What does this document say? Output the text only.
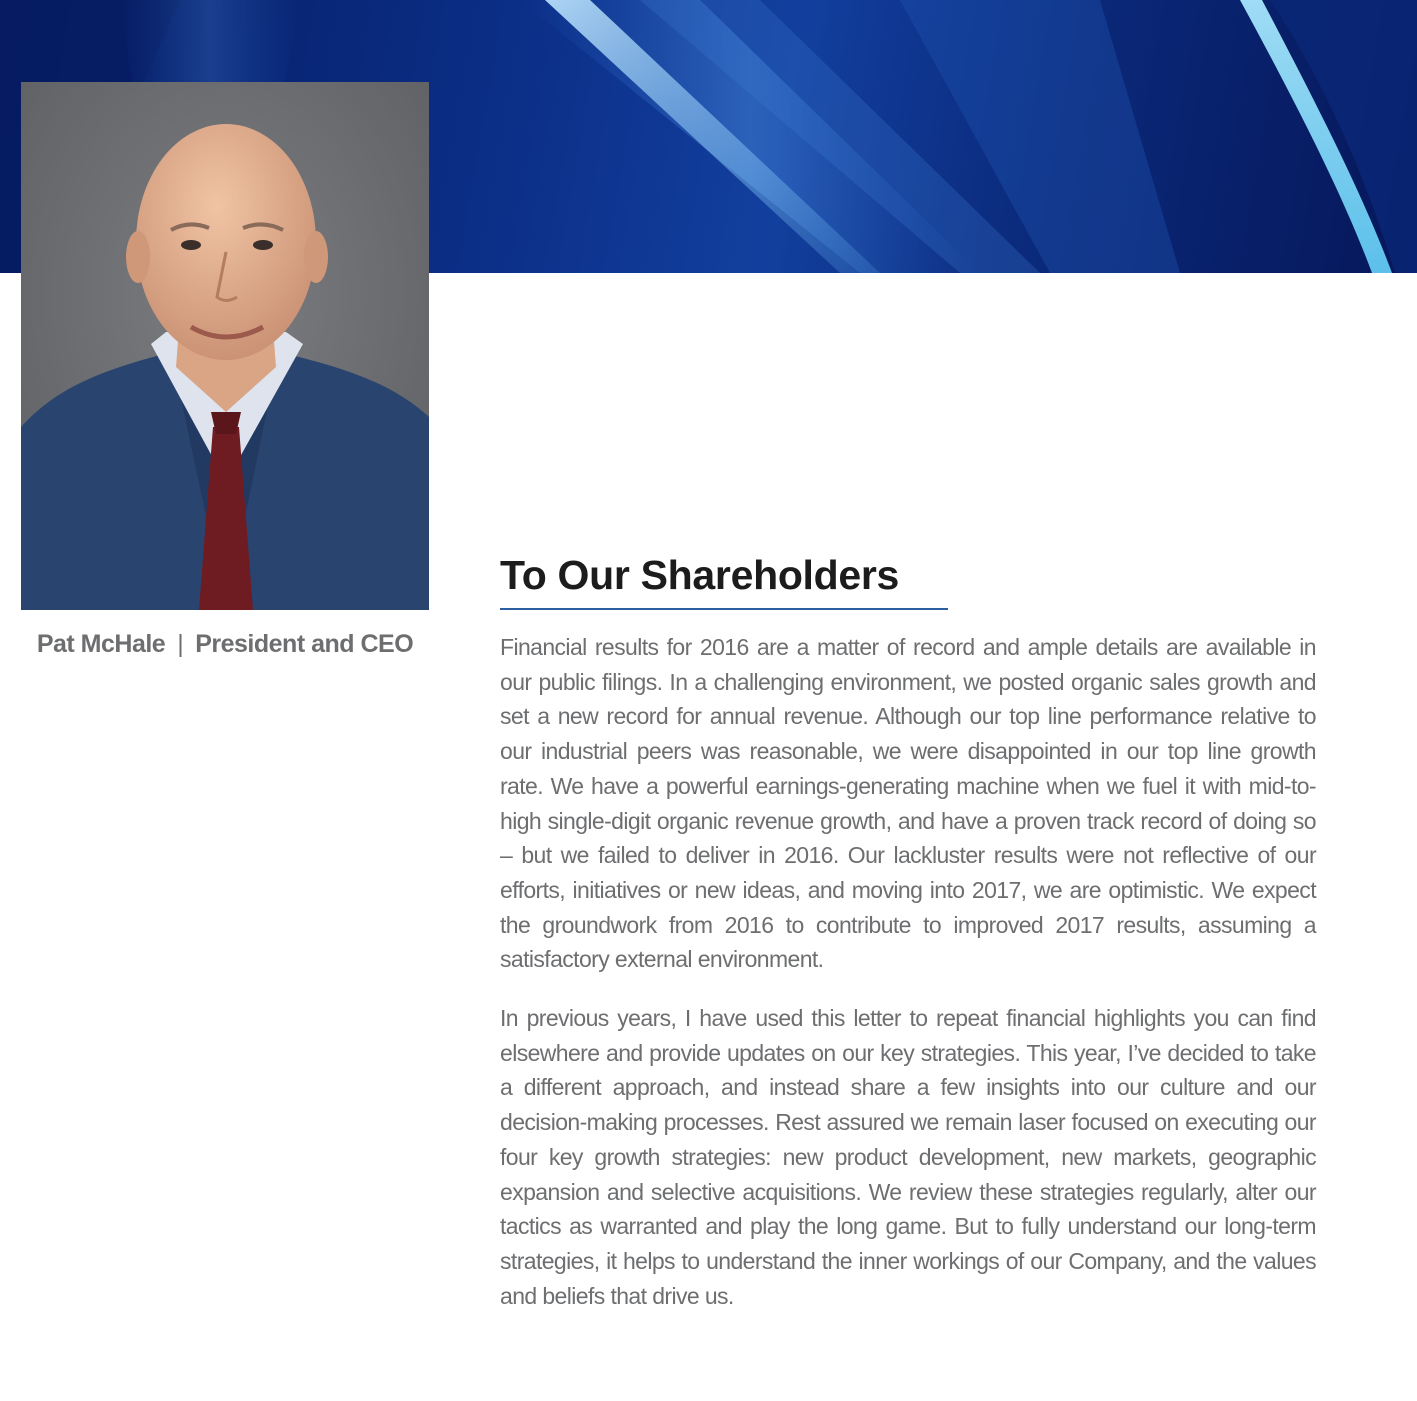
Pat McHale | President and CEO
To Our Shareholders

Financial results for 2016 are a matter of record and ample details are available in our public filings. In a challenging environment, we posted organic sales growth and set a new record for annual revenue. Although our top line performance relative to our industrial peers was reasonable, we were disappointed in our top line growth rate. We have a powerful earnings-generating machine when we fuel it with mid-to-high single-digit organic revenue growth, and have a proven track record of doing so – but we failed to deliver in 2016. Our lackluster results were not reflective of our efforts, initiatives or new ideas, and moving into 2017, we are optimistic. We expect the groundwork from 2016 to contribute to improved 2017 results, assuming a satisfactory external environment.

In previous years, I have used this letter to repeat financial highlights you can find elsewhere and provide updates on our key strategies. This year, I’ve decided to take a different approach, and instead share a few insights into our culture and our decision-making processes. Rest assured we remain laser focused on executing our four key growth strategies: new product development, new markets, geographic expansion and selective acquisitions. We review these strategies regularly, alter our tactics as warranted and play the long game. But to fully understand our long-term strategies, it helps to understand the inner workings of our Company, and the values and beliefs that drive us.
